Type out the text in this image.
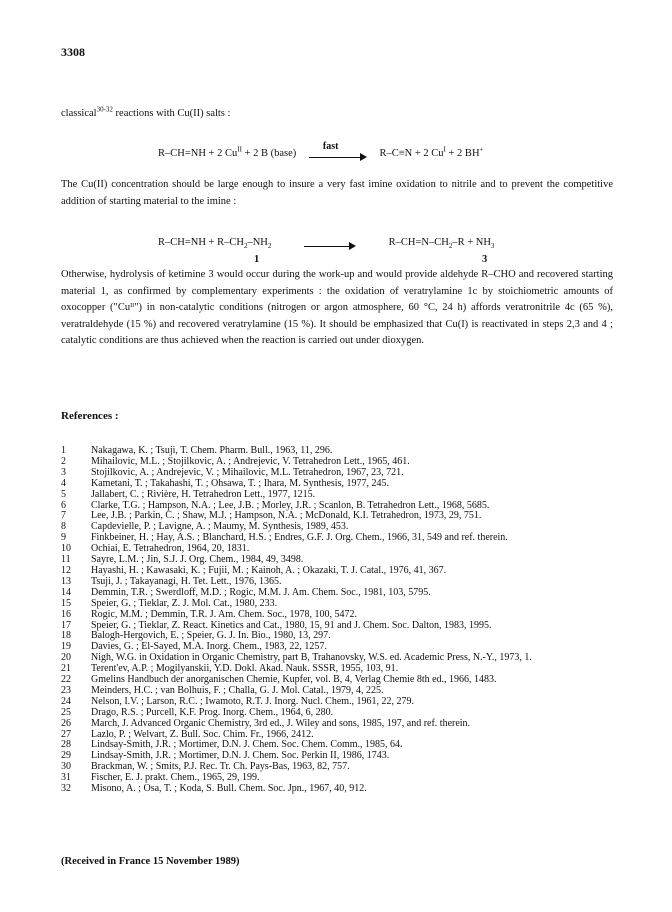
3308
classical$^{30-32}$ reactions with Cu(II) salts :
R–CH=NH + 2 $Cu^{II} + 2$ B (base)
fast
R–C≡N + 2 $Cu^I + 2$ BH+
The Cu(II) concentration should be large enough to insure a very fast imine oxidation to nitrile and to prevent the competitive addition of starting material to the imine :
$R-CH=NH + R-CH_2-NH_2$	$R-CH=N-CH_2-R + NH_3$
1	3
Otherwise, hydrolysis of ketimine 3 would occur during the work-up and would provide aldehyde R–CHO and recovered starting material 1, as confirmed by complementary experiments : the oxidation of veratrylamine 1c by stoichiometric amounts of oxocopper ("Cuᴵᴵ") in non-catalytic conditions (nitrogen or argon atmosphere, 60 °C, 24 h) affords veratronitrile 4c (65 %), veratraldehyde (15 %) and recovered veratrylamine (15 %). It should be emphasized that Cu(I) is reactivated in steps 2,3 and 4 ; catalytic conditions are thus achieved when the reaction is carried out under dioxygen.
References :
1	Nakagawa, K. ; Tsuji, T. Chem. Pharm. Bull., 1963, 11, 296.
2	Mihailovic, M.L. ; Stojilkovic, A. ; Andrejevic, V. Tetrahedron Lett., 1965, 461.
3	Stojilkovic, A. ; Andrejevic, V. ; Mihailovic, M.L. Tetrahedron, 1967, 23, 721.
4	Kametani, T. ; Takahashi, T. ; Ohsawa, T. ; Ihara, M. Synthesis, 1977, 245.
5	Jallabert, C. ; Rivière, H. Tetrahedron Lett., 1977, 1215.
6	Clarke, T.G. ; Hampson, N.A. ; Lee, J.B. ; Morley, J.R. ; Scanlon, B. Tetrahedron Lett., 1968, 5685.
7	Lee, J.B. ; Parkin, C. ; Shaw, M.J. ; Hampson, N.A. ; McDonald, K.I. Tetrahedron, 1973, 29, 751.
8	Capdevielle, P. ; Lavigne, A. ; Maumy, M. Synthesis, 1989, 453.
9	Finkbeiner, H. ; Hay, A.S. ; Blanchard, H.S. ; Endres, G.F. J. Org. Chem., 1966, 31, 549 and ref. therein.
10	Ochiai, E. Tetrahedron, 1964, 20, 1831.
11	Sayre, L.M. ; Jin, S.J. J. Org. Chem., 1984, 49, 3498.
12	Hayashi, H. ; Kawasaki, K. ; Fujii, M. ; Kainoh, A. ; Okazaki, T. J. Catal., 1976, 41, 367.
13	Tsuji, J. ; Takayanagi, H. Tet. Lett., 1976, 1365.
14	Demmin, T.R. ; Swerdloff, M.D. ; Rogic, M.M. J. Am. Chem. Soc., 1981, 103, 5795.
15	Speier, G. ; Tieklar, Z. J. Mol. Cat., 1980, 233.
16	Rogic, M.M. ; Demmin, T.R. J. Am. Chem. Soc., 1978, 100, 5472.
17	Speier, G. ; Tieklar, Z. React. Kinetics and Cat., 1980, 15, 91 and J. Chem. Soc. Dalton, 1983, 1995.
18	Balogh-Hergovich, E. ; Speier, G. J. In. Bio., 1980, 13, 297.
19	Davies, G. ; El-Sayed, M.A. Inorg. Chem., 1983, 22, 1257.
20	Nigh, W.G. in Oxidation in Organic Chemistry, part B, Trahanovsky, W.S. ed. Academic Press, N.-Y., 1973, 1.
21	Terent'ev, A.P. ; Mogilyanskii, Y.D. Dokl. Akad. Nauk. SSSR, 1955, 103, 91.
22	Gmelins Handbuch der anorganischen Chemie, Kupfer, vol. B, 4, Verlag Chemie 8th ed., 1966, 1483.
23	Meinders, H.C. ; van Bolhuis, F. ; Challa, G. J. Mol. Catal., 1979, 4, 225.
24	Nelson, I.V. ; Larson, R.C. ; Iwamoto, R.T. J. Inorg. Nucl. Chem., 1961, 22, 279.
25	Drago, R.S. ; Purcell, K.F. Prog. Inorg. Chem., 1964, 6, 280.
26	March, J. Advanced Organic Chemistry, 3rd ed., J. Wiley and sons, 1985, 197, and ref. therein.
27	Lazlo, P. ; Welvart, Z. Bull. Soc. Chim. Fr., 1966, 2412.
28	Lindsay-Smith, J.R. ; Mortimer, D.N. J. Chem. Soc. Chem. Comm., 1985, 64.
29	Lindsay-Smith, J.R. ; Mortimer, D.N. J. Chem. Soc. Perkin II, 1986, 1743.
30	Brackman, W. ; Smits, P.J. Rec. Tr. Ch. Pays-Bas, 1963, 82, 757.
31	Fischer, E. J. prakt. Chem., 1965, 29, 199.
32	Misono, A. ; Osa, T. ; Koda, S. Bull. Chem. Soc. Jpn., 1967, 40, 912.
(Received in France 15 November 1989)
